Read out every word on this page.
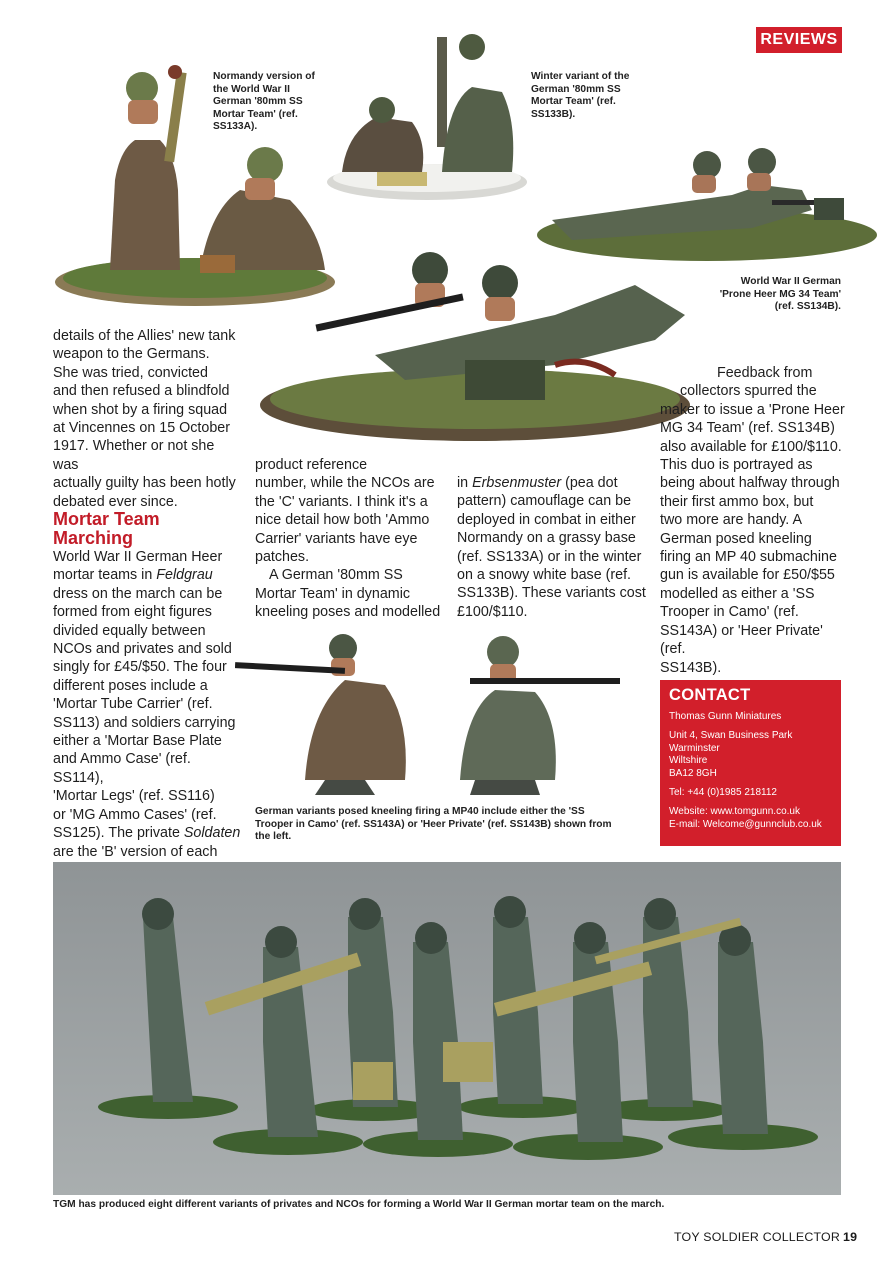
REVIEWS
Normandy version of
the World War II
German '80mm SS
Mortar Team' (ref.
SS133A).
Winter variant of the
German '80mm SS
Mortar Team' (ref.
SS133B).
World War II German
'Prone Heer MG 34 Team'
(ref. SS134B).

details of the Allies' new tank

weapon to the Germans.

She was tried, convicted

and then refused a blindfold

when shot by a firing squad

at Vincennes on 15 October

1917. Whether or not she was

actually guilty has been hotly

debated ever since.

Mortar Team
Marching

World War II German Heer

mortar teams in Feldgrau

dress on the march can be

formed from eight figures

divided equally between

NCOs and privates and sold

singly for £45/$50. The four

different poses include a

'Mortar Tube Carrier' (ref.

SS113) and soldiers carrying

either a 'Mortar Base Plate

and Ammo Case' (ref. SS114),

'Mortar Legs' (ref. SS116)

or 'MG Ammo Cases' (ref.

SS125). The private Soldaten

are the 'B' version of each

product reference

number, while the NCOs are

the 'C' variants. I think it's a

nice detail how both 'Ammo

Carrier' variants have eye

patches.

A German '80mm SS

Mortar Team' in dynamic

kneeling poses and modelled

in Erbsenmuster (pea dot

pattern) camouflage can be

deployed in combat in either

Normandy on a grassy base

(ref. SS133A) or in the winter

on a snowy white base (ref.

SS133B). These variants cost

£100/$110.

Feedback from

collectors spurred the

maker to issue a 'Prone Heer

MG 34 Team' (ref. SS134B)

also available for £100/$110.

This duo is portrayed as

being about halfway through

their first ammo box, but

two more are handy. A

German posed kneeling

firing an MP 40 submachine

gun is available for £50/$55

modelled as either a 'SS

Trooper in Camo' (ref.

SS143A) or 'Heer Private' (ref.

SS143B).

German variants posed kneeling firing a MP40 include either the 'SS
Trooper in Camo' (ref. SS143A) or 'Heer Private' (ref. SS143B) shown from
the left.
CONTACT
Thomas Gunn Miniatures
Unit 4, Swan Business Park
Warminster
Wiltshire
BA12 8GH
Tel: +44 (0)1985 218112
Website: www.tomgunn.co.uk
E-mail: Welcome@gunnclub.co.uk
TGM has produced eight different variants of privates and NCOs for forming a World War II German mortar team on the march.
TOY SOLDIER COLLECTOR 19
